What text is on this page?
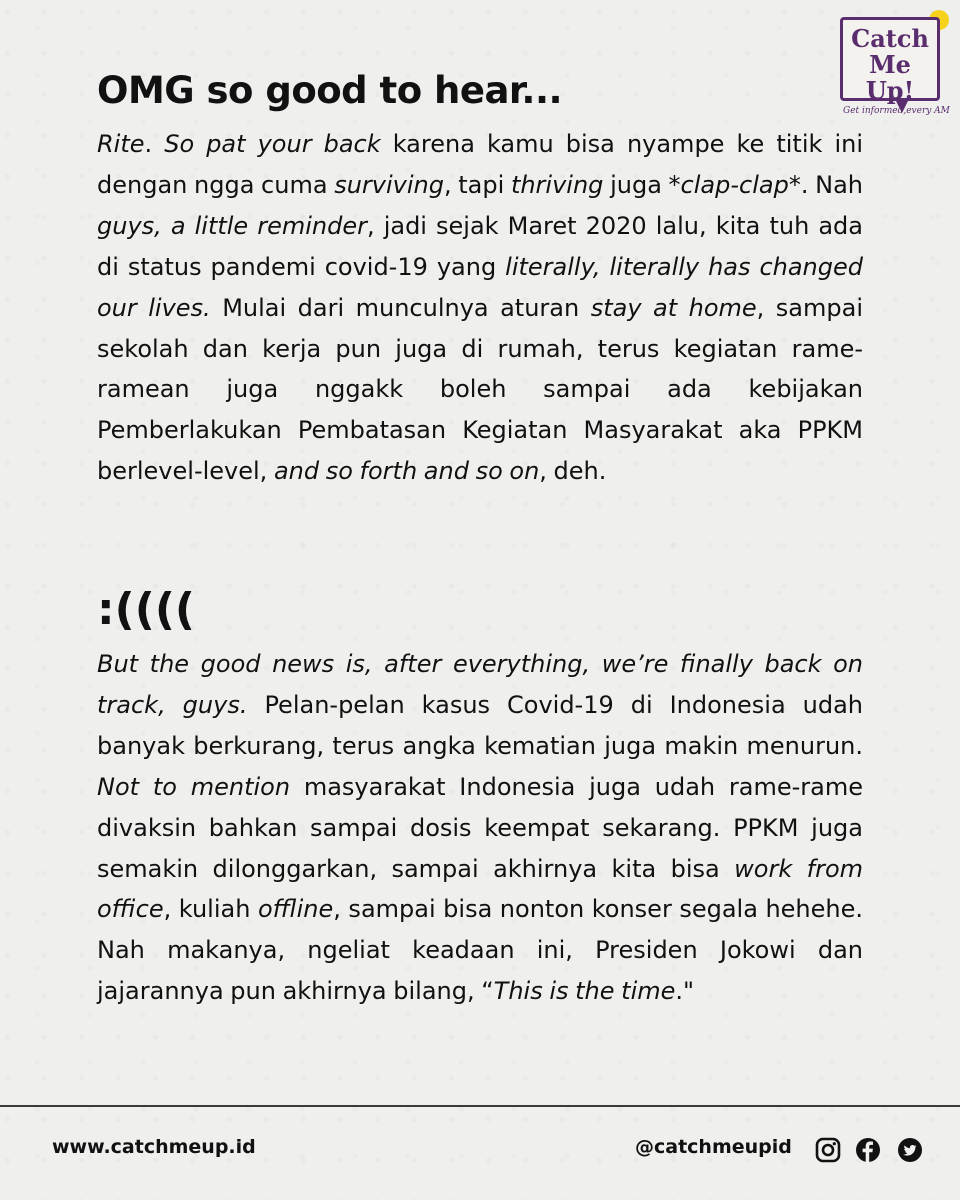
Catch
Me Up!
Get informed,every AM
OMG so good to hear...

Rite. So pat your back karena kamu bisa nyampe ke titik ini dengan ngga cuma surviving, tapi thriving juga *clap-clap*. Nah guys, a little reminder, jadi sejak Maret 2020 lalu, kita tuh ada di status pandemi covid-19 yang literally, literally has changed our lives. Mulai dari munculnya aturan stay at home, sampai sekolah dan kerja pun juga di rumah, terus kegiatan rame-ramean juga nggakk boleh sampai ada kebijakan Pemberlakukan Pembatasan Kegiatan Masyarakat aka PPKM berlevel-level, and so forth and so on, deh.

:((((

But the good news is, after everything, we’re finally back on track, guys. Pelan-pelan kasus Covid-19 di Indonesia udah banyak berkurang, terus angka kematian juga makin menurun. Not to mention masyarakat Indonesia juga udah rame-rame divaksin bahkan sampai dosis keempat sekarang. PPKM juga semakin dilonggarkan, sampai akhirnya kita bisa work from office, kuliah offline, sampai bisa nonton konser segala hehehe. Nah makanya, ngeliat keadaan ini, Presiden Jokowi dan jajarannya pun akhirnya bilang, “This is the time."

www.catchmeup.id	@catchmeupid
